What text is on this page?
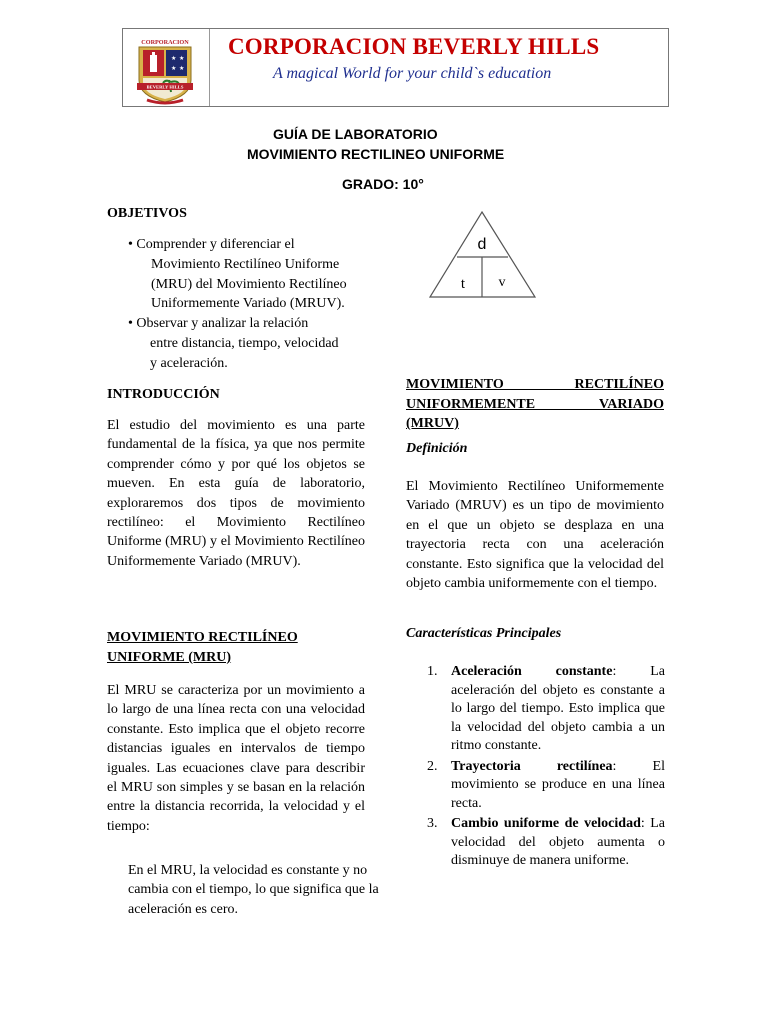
CORPORACION
★ ★
★ ★
BEVERLY HILLS
CORPORACION BEVERLY HILLS
A magical World for your child`s education
GUÍA DE LABORATORIO
MOVIMIENTO RECTILINEO UNIFORME
GRADO: 10°
OBJETIVOS
• Comprender y diferenciar el
Movimiento Rectilíneo Uniforme
(MRU) del Movimiento Rectilíneo
Uniformemente Variado (MRUV).
• Observar y analizar la relación
entre distancia, tiempo, velocidad
y aceleración.
INTRODUCCIÓN
El estudio del movimiento es una parte fundamental de la física, ya que nos permite comprender cómo y por qué los objetos se mueven. En esta guía de laboratorio, exploraremos dos tipos de movimiento rectilíneo: el Movimiento Rectilíneo Uniforme (MRU) y el Movimiento Rectilíneo Uniformemente Variado (MRUV).
MOVIMIENTO RECTILÍNEO
UNIFORME (MRU)
El MRU se caracteriza por un movimiento a lo largo de una línea recta con una velocidad constante. Esto implica que el objeto recorre distancias iguales en intervalos de tiempo iguales. Las ecuaciones clave para describir el MRU son simples y se basan en la relación entre la distancia recorrida, la velocidad y el tiempo:
En el MRU, la velocidad es constante y no cambia con el tiempo, lo que significa que la aceleración es cero.
d
t v
MOVIMIENTO RECTILÍNEO
UNIFORMEMENTE VARIADO
(MRUV)
Definición
El Movimiento Rectilíneo Uniformemente Variado (MRUV) es un tipo de movimiento en el que un objeto se desplaza en una trayectoria recta con una aceleración constante. Esto significa que la velocidad del objeto cambia uniformemente con el tiempo.
Características Principales
1. Aceleración constante: La aceleración del objeto es constante a lo largo del tiempo. Esto implica que la velocidad del objeto cambia a un ritmo constante.
2. Trayectoria rectilínea: El movimiento se produce en una línea recta.
3. Cambio uniforme de velocidad: La velocidad del objeto aumenta o disminuye de manera uniforme.
